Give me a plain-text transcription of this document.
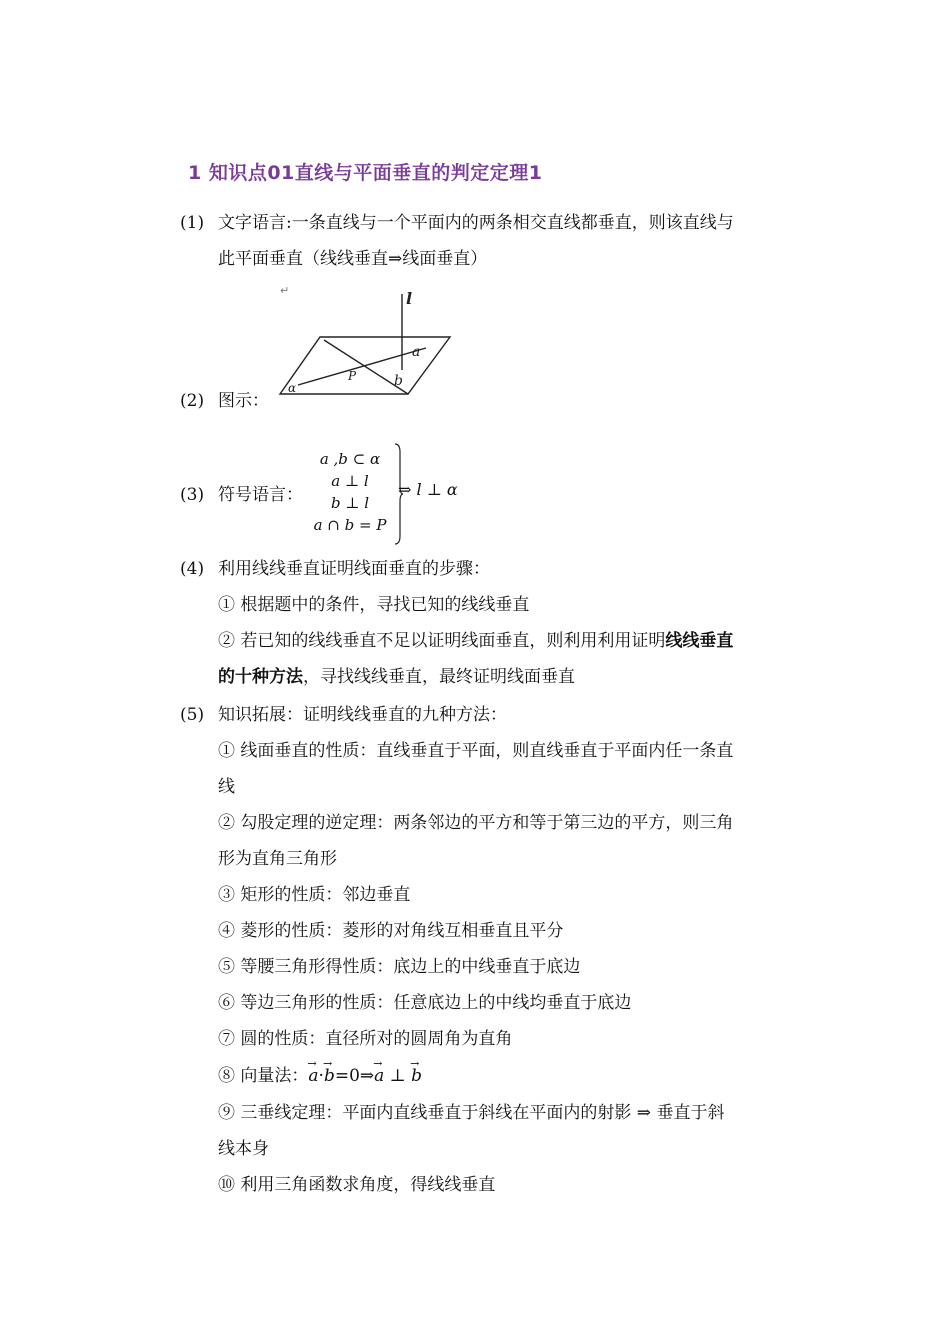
1 知识点01直线与平面垂直的判定定理1
(1) 文字语言:一条直线与一个平面内的两条相交直线都垂直，则该直线与
此平面垂直（线线垂直⇒线面垂直）
↵	l
a
P	b
α
(2) 图示：
(3) 符号语言：
a ,b ⊂ α
a ⊥ l
b ⊥ l
a ∩ b = P
⇒ l ⊥ α
(4) 利用线线垂直证明线面垂直的步骤：
① 根据题中的条件，寻找已知的线线垂直
② 若已知的线线垂直不足以证明线面垂直，则利用利用证明线线垂直
的十种方法，寻找线线垂直，最终证明线面垂直
(5) 知识拓展：证明线线垂直的九种方法：
① 线面垂直的性质：直线垂直于平面，则直线垂直于平面内任一条直
线
② 勾股定理的逆定理：两条邻边的平方和等于第三边的平方，则三角
形为直角三角形
③ 矩形的性质：邻边垂直
④ 菱形的性质：菱形的对角线互相垂直且平分
⑤ 等腰三角形得性质：底边上的中线垂直于底边
⑥ 等边三角形的性质：任意底边上的中线均垂直于底边
⑦ 圆的性质：直径所对的圆周角为直角
⑧ 向量法：→ a·→ b=0⇒→ a ⊥ → b
⑨ 三垂线定理：平面内直线垂直于斜线在平面内的射影 ⇒ 垂直于斜
线本身
⑩ 利用三角函数求角度，得线线垂直
